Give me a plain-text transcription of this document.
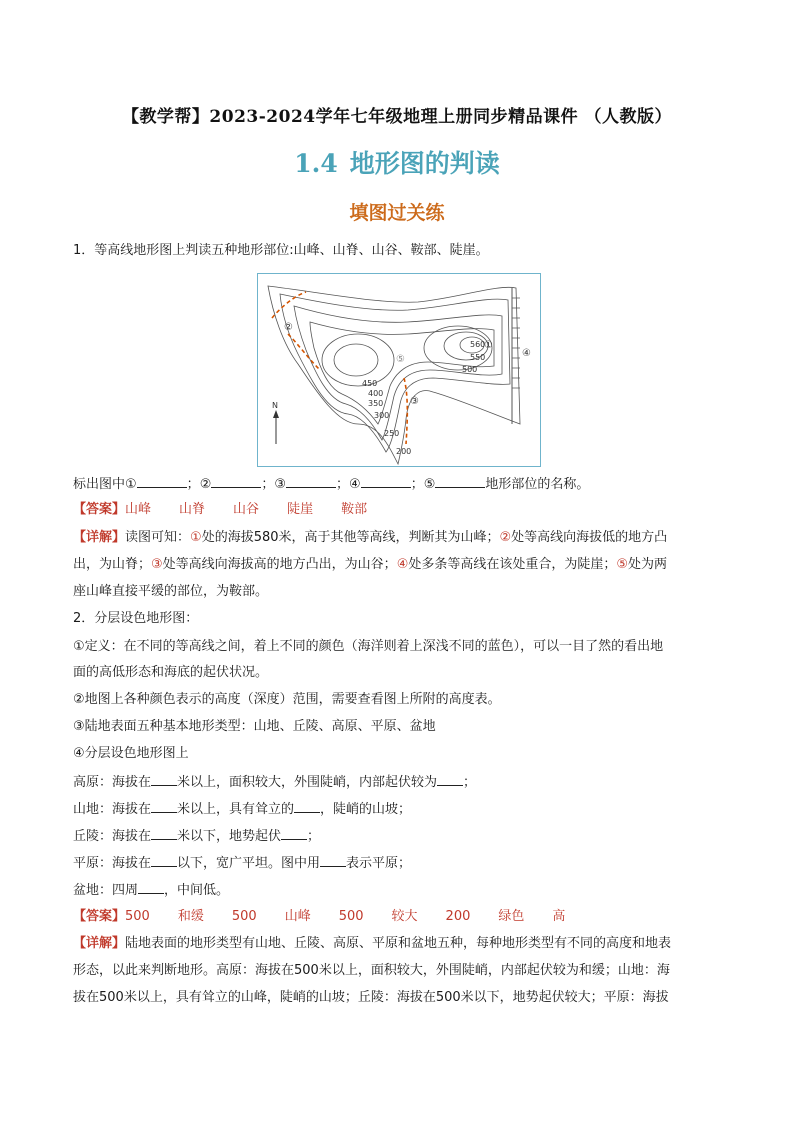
【教学帮】2023-2024学年七年级地理上册同步精品课件 （人教版）
1.4 地形图的判读
填图过关练
1．等高线地形图上判读五种地形部位:山峰、山脊、山谷、鞍部、陡崖。
N
560
550
500
450
400
350
300
250
200
①
②
③
④
⑤
标出图中①	；②	；③	；④	；⑤	地形部位的名称。
【答案】山峰 山脊 山谷 陡崖 鞍部
【详解】读图可知：①处的海拔580米，高于其他等高线，判断其为山峰；②处等高线向海拔低的地方凸
出，为山脊；③处等高线向海拔高的地方凸出，为山谷；④处多条等高线在该处重合，为陡崖；⑤处为两
座山峰直接平缓的部位，为鞍部。
2．分层设色地形图：
①定义：在不同的等高线之间，着上不同的颜色（海洋则着上深浅不同的蓝色），可以一目了然的看出地
面的高低形态和海底的起伏状况。
②地图上各种颜色表示的高度（深度）范围，需要查看图上所附的高度表。
③陆地表面五种基本地形类型：山地、丘陵、高原、平原、盆地
④分层设色地形图上
高原：海拔在 米以上，面积较大，外围陡峭，内部起伏较为 ；
山地：海拔在 米以上，具有耸立的 ，陡峭的山坡；
丘陵：海拔在 米以下，地势起伏 ；
平原：海拔在 以下，宽广平坦。图中用 表示平原；
盆地：四周 ，中间低。
【答案】500 和缓 500 山峰 500 较大 200 绿色 高
【详解】陆地表面的地形类型有山地、丘陵、高原、平原和盆地五种，每种地形类型有不同的高度和地表
形态，以此来判断地形。高原：海拔在500米以上，面积较大，外围陡峭，内部起伏较为和缓；山地：海
拔在500米以上，具有耸立的山峰，陡峭的山坡；丘陵：海拔在500米以下，地势起伏较大；平原：海拔
